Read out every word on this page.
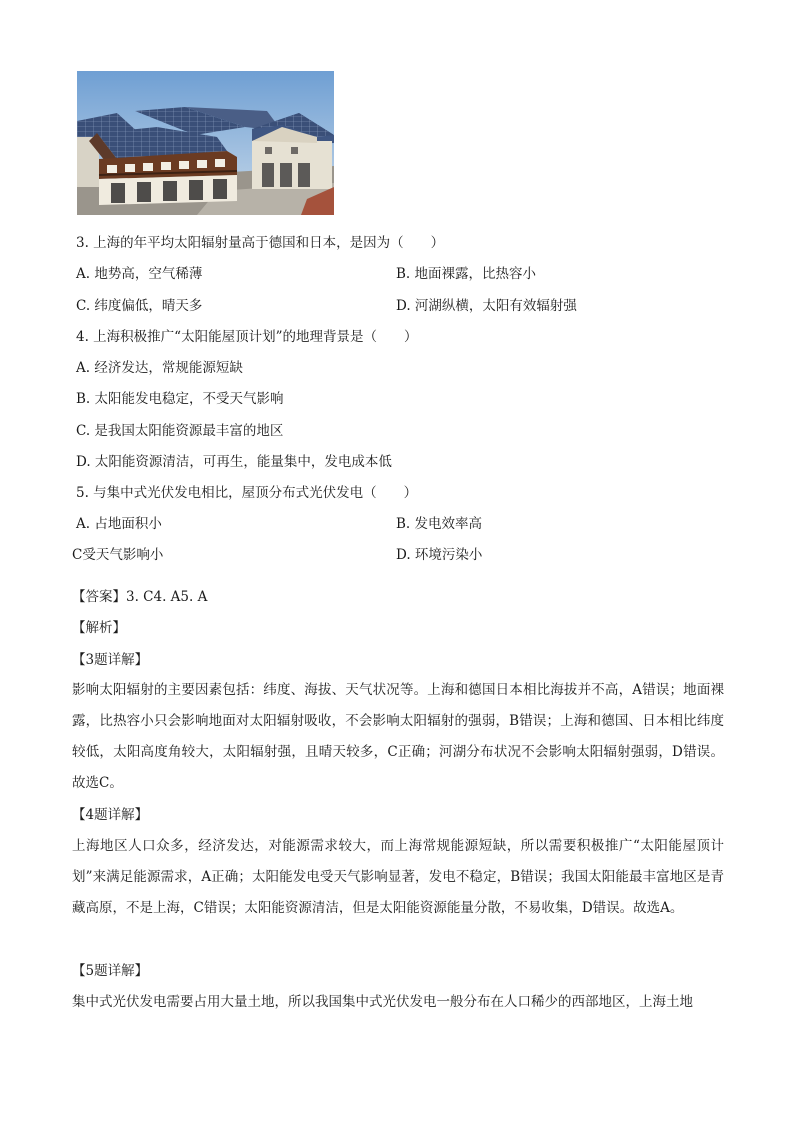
3. 上海的年平均太阳辐射量高于德国和日本，是因为（　　）
A. 地势高，空气稀薄	B. 地面裸露，比热容小
C. 纬度偏低，晴天多	D. 河湖纵横，太阳有效辐射强
4. 上海积极推广“太阳能屋顶计划”的地理背景是（　　）
A. 经济发达，常规能源短缺
B. 太阳能发电稳定，不受天气影响
C. 是我国太阳能资源最丰富的地区
D. 太阳能资源清洁，可再生，能量集中，发电成本低
5. 与集中式光伏发电相比，屋顶分布式光伏发电（　　）
A. 占地面积小	B. 发电效率高
C受天气影响小	D. 环境污染小
【答案】3. C4. A5. A
【解析】
【3题详解】
影响太阳辐射的主要因素包括：纬度、海拔、天气状况等。上海和德国日本相比海拔并不高，A错误；地面裸露，比热容小只会影响地面对太阳辐射吸收，不会影响太阳辐射的强弱，B错误；上海和德国、日本相比纬度较低，太阳高度角较大，太阳辐射强，且晴天较多，C正确；河湖分布状况不会影响太阳辐射强弱，D错误。故选C。
【4题详解】
上海地区人口众多，经济发达，对能源需求较大，而上海常规能源短缺，所以需要积极推广“太阳能屋顶计划”来满足能源需求，A正确；太阳能发电受天气影响显著，发电不稳定，B错误；我国太阳能最丰富地区是青藏高原，不是上海，C错误；太阳能资源清洁，但是太阳能资源能量分散，不易收集，D错误。故选A。
【5题详解】
集中式光伏发电需要占用大量土地，所以我国集中式光伏发电一般分布在人口稀少的西部地区，上海土地
